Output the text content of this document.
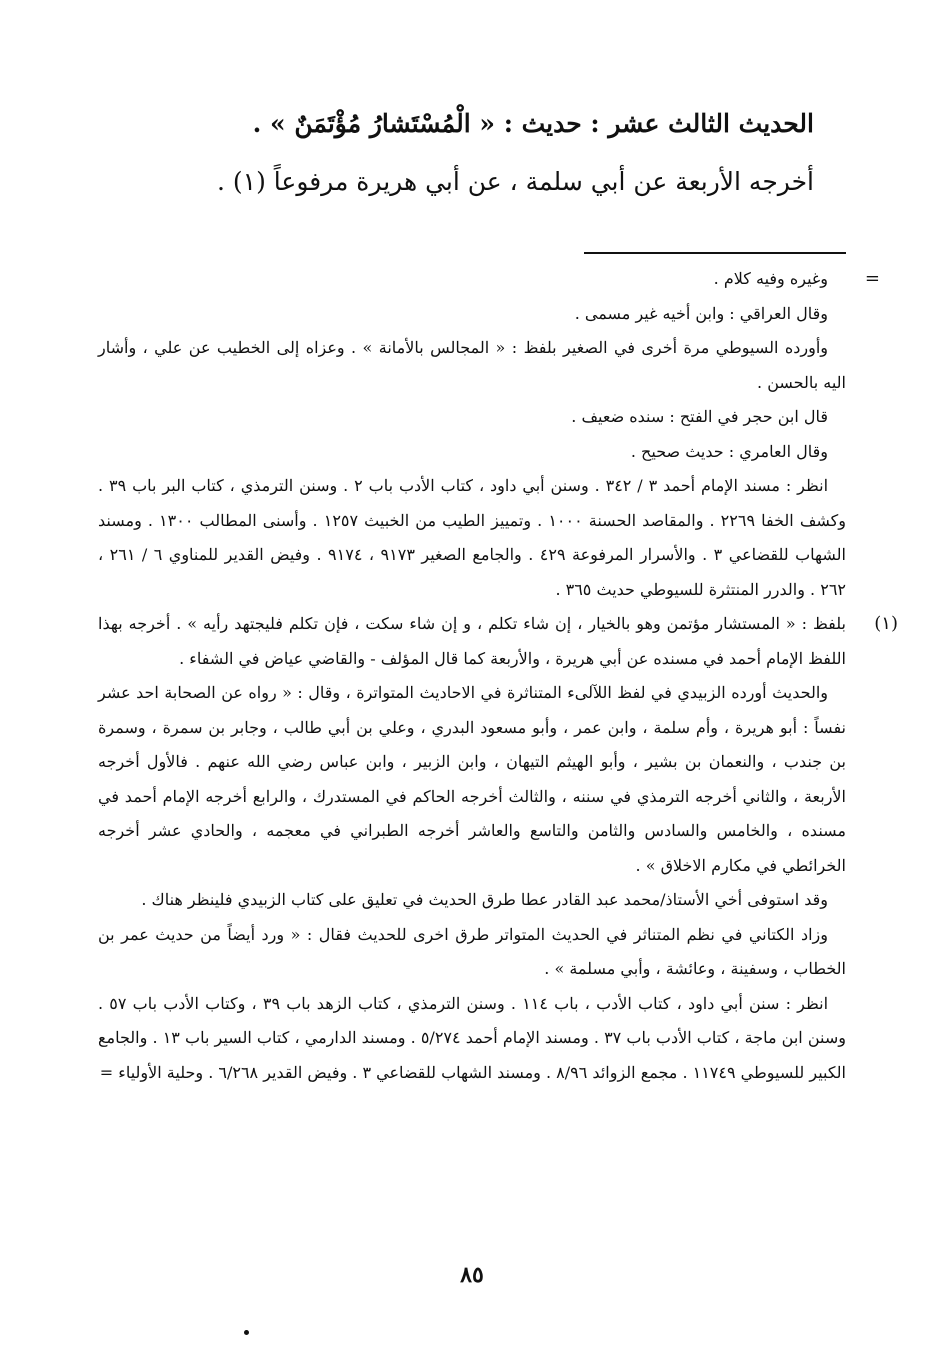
الحديث الثالث عشر : حديث : « الْمُسْتَشارُ مُؤْتَمَنٌ » .
أخرجه الأربعة عن أبي سلمة ، عن أبي هريرة مرفوعاً (١) .

=
وغيره وفيه كلام .

وقال العراقي : وابن أخيه غير مسمى .

وأورده السيوطي مرة أخرى في الصغير بلفظ : « المجالس بالأمانة » . وعزاه إلى الخطيب عن علي ، وأشار اليه بالحسن .

قال ابن حجر في الفتح : سنده ضعيف .

وقال العامري : حديث صحيح .

انظر : مسند الإمام أحمد ٣ / ٣٤٢ . وسنن أبي داود ، كتاب الأدب باب ٢ . وسنن الترمذي ، كتاب البر باب ٣٩ . وكشف الخفا ٢٢٦٩ . والمقاصد الحسنة ١٠٠٠ . وتمييز الطيب من الخبيث ١٢٥٧ . وأسنى المطالب ١٣٠٠ . ومسند الشهاب للقضاعي ٣ . والأسرار المرفوعة ٤٢٩ . والجامع الصغير ٩١٧٣ ، ٩١٧٤ . وفيض القدير للمناوي ٦ / ٢٦١ ، ٢٦٢ . والدرر المنتثرة للسيوطي حديث ٣٦٥ .

(١)
بلفظ : « المستشار مؤتمن وهو بالخيار ، إن شاء تكلم ، و إن شاء سكت ، فإن تكلم فليجتهد رأيه » . أخرجه بهذا اللفظ الإمام أحمد في مسنده عن أبي هريرة ، والأربعة كما قال المؤلف - والقاضي عياض في الشفاء .

والحديث أورده الزبيدي في لفظ اللآلىء المتناثرة في الاحاديث المتواترة ، وقال : « رواه عن الصحابة احد عشر نفساً : أبو هريرة ، وأم سلمة ، وابن عمر ، وأبو مسعود البدري ، وعلي بن أبي طالب ، وجابر بن سمرة ، وسمرة بن جندب ، والنعمان بن بشير ، وأبو الهيثم التيهان ، وابن الزبير ، وابن عباس رضي الله عنهم . فالأول أخرجه الأربعة ، والثاني أخرجه الترمذي في سننه ، والثالث أخرجه الحاكم في المستدرك ، والرابع أخرجه الإمام أحمد في مسنده ، والخامس والسادس والثامن والتاسع والعاشر أخرجه الطبراني في معجمه ، والحادي عشر أخرجه الخرائطي في مكارم الاخلاق » .

وقد استوفى أخي الأستاذ/محمد عبد القادر عطا طرق الحديث في تعليق على كتاب الزبيدي فلينظر هناك .

وزاد الكتاني في نظم المتناثر في الحديث المتواتر طرق اخرى للحديث فقال : « ورد أيضاً من حديث عمر بن الخطاب ، وسفينة ، وعائشة ، وأبي مسلمة » .

انظر : سنن أبي داود ، كتاب الأدب ، باب ١١٤ . وسنن الترمذي ، كتاب الزهد باب ٣٩ ، وكتاب الأدب باب ٥٧ . وسنن ابن ماجة ، كتاب الأدب باب ٣٧ . ومسند الإمام أحمد ٥/٢٧٤ . ومسند الدارمي ، كتاب السير باب ١٣ . والجامع الكبير للسيوطي ١١٧٤٩ . مجمع الزوائد ٨/٩٦ . ومسند الشهاب للقضاعي ٣ . وفيض القدير ٦/٢٦٨ . وحلية الأولياء =

٨٥
